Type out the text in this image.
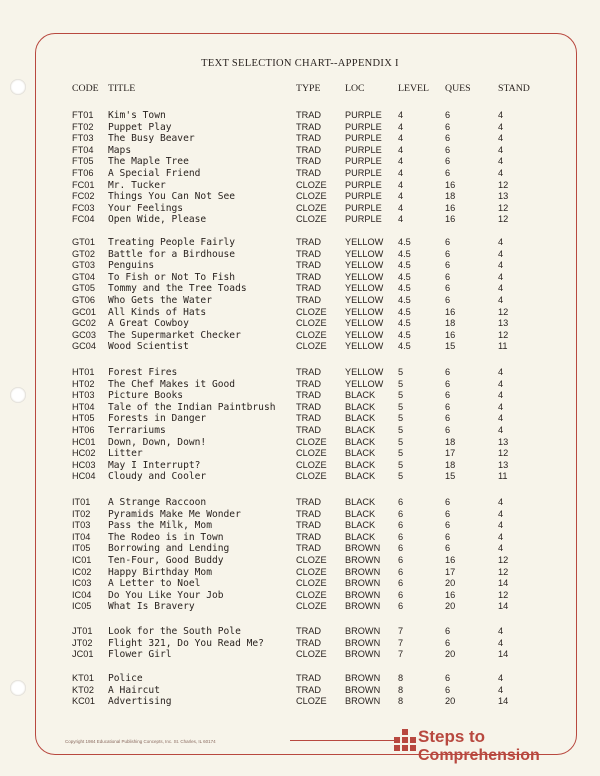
TEXT SELECTION CHART--APPENDIX I
CODE TITLE	TYPE	LOC	LEVEL QUES	STAND
FT01 Kim's Town	TRAD	PURPLE 4	6	4
FT02 Puppet Play	TRAD	PURPLE 4	6	4
FT03 The Busy Beaver	TRAD	PURPLE 4	6	4
FT04 Maps	TRAD	PURPLE 4	6	4
FT05 The Maple Tree	TRAD	PURPLE 4	6	4
FT06 A Special Friend	TRAD	PURPLE 4	6	4
FC01 Mr. Tucker	CLOZE PURPLE 4	16	12
FC02 Things You Can Not See	CLOZE PURPLE 4	18	13
FC03 Your Feelings	CLOZE PURPLE 4	16	12
FC04 Open Wide, Please	CLOZE PURPLE 4	16	12
GT01 Treating People Fairly	TRAD	YELLOW 4.5	6	4
GT02 Battle for a Birdhouse	TRAD	YELLOW 4.5	6	4
GT03 Penguins	TRAD	YELLOW 4.5	6	4
GT04 To Fish or Not To Fish	TRAD	YELLOW 4.5	6	4
GT05 Tommy and the Tree Toads	TRAD	YELLOW 4.5	6	4
GT06 Who Gets the Water	TRAD	YELLOW 4.5	6	4
GC01 All Kinds of Hats	CLOZE YELLOW 4.5	16	12
GC02 A Great Cowboy	CLOZE YELLOW 4.5	18	13
GC03 The Supermarket Checker	CLOZE YELLOW 4.5	16	12
GC04 Wood Scientist	CLOZE YELLOW 4.5	15	11
HT01 Forest Fires	TRAD	YELLOW 5	6	4
HT02 The Chef Makes it Good	TRAD	YELLOW 5	6	4
HT03 Picture Books	TRAD	BLACK 5	6	4
HT04 Tale of the Indian Paintbrush TRAD	BLACK 5	6	4
HT05 Forests in Danger	TRAD	BLACK 5	6	4
HT06 Terrariums	TRAD	BLACK 5	6	4
HC01 Down, Down, Down!	CLOZE BLACK 5	18	13
HC02 Litter	CLOZE BLACK 5	17	12
HC03 May I Interrupt?	CLOZE BLACK 5	18	13
HC04 Cloudy and Cooler	CLOZE BLACK 5	15	11
IT01 A Strange Raccoon	TRAD	BLACK 6	6	4
IT02 Pyramids Make Me Wonder	TRAD	BLACK 6	6	4
IT03 Pass the Milk, Mom	TRAD	BLACK 6	6	4
IT04 The Rodeo is in Town	TRAD	BLACK 6	6	4
IT05 Borrowing and Lending	TRAD	BROWN 6	6	4
IC01 Ten-Four, Good Buddy	CLOZE BROWN 6	16	12
IC02 Happy Birthday Mom	CLOZE BROWN 6	17	12
IC03 A Letter to Noel	CLOZE BROWN 6	20	14
IC04 Do You Like Your Job	CLOZE BROWN 6	16	12
IC05 What Is Bravery	CLOZE BROWN 6	20	14
JT01 Look for the South Pole	TRAD	BROWN 7	6	4
JT02 Flight 321, Do You Read Me?	TRAD	BROWN 7	6	4
JC01 Flower Girl	CLOZE BROWN 7	20	14
KT01 Police	TRAD	BROWN 8	6	4
KT02 A Haircut	TRAD	BROWN 8	6	4
KC01 Advertising	CLOZE BROWN 8	20	14
Copyright 1984 Educational Publishing Concepts, Inc. St. Charles, IL 60174	Steps to
Comprehension
